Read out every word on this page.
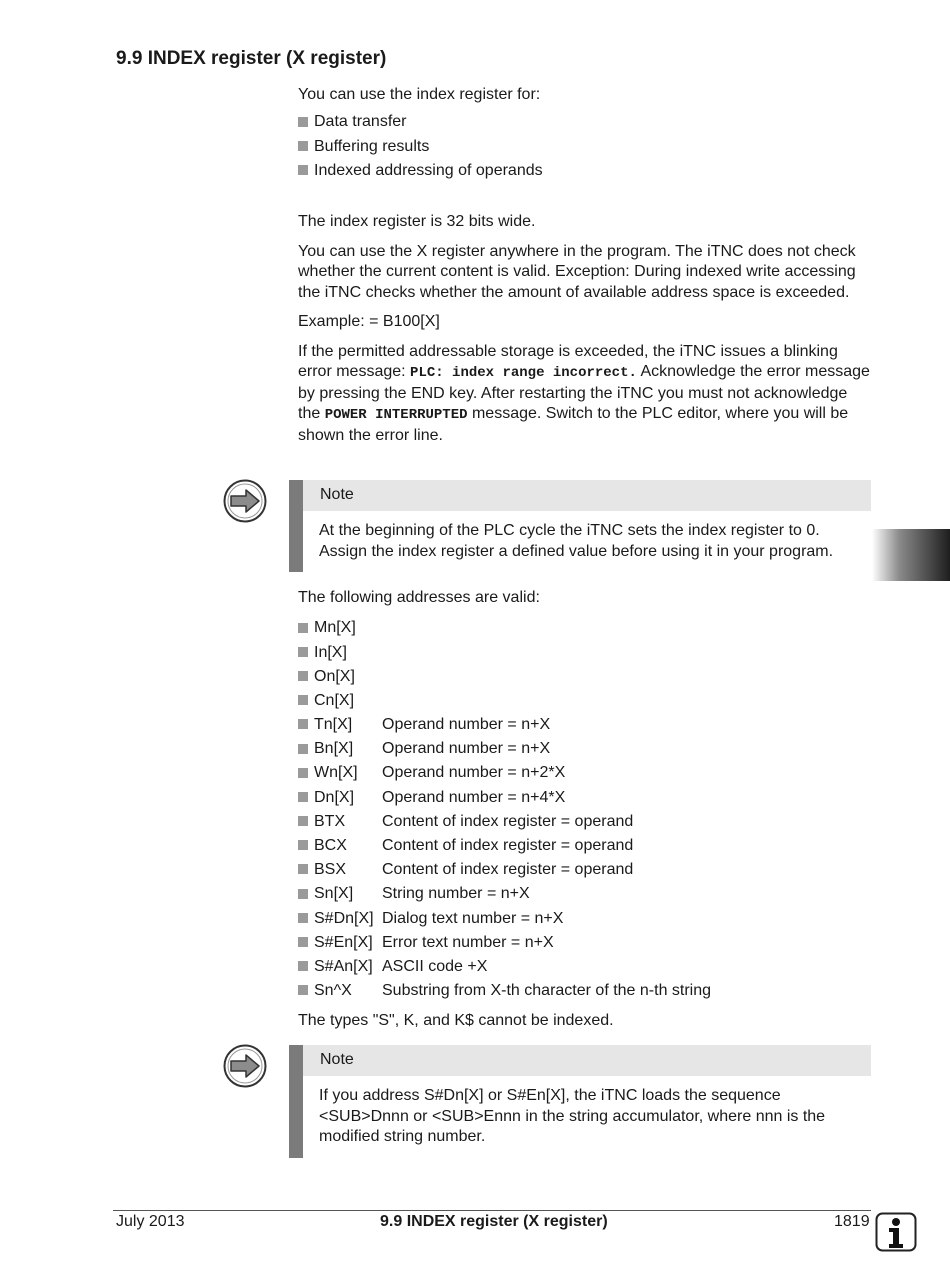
9.9 INDEX register (X register)

You can use the index register for:

Data transfer
Buffering results
Indexed addressing of operands

The index register is 32 bits wide.

You can use the X register anywhere in the program. The iTNC does not check whether the current content is valid. Exception: During indexed write accessing the iTNC checks whether the amount of available address space is exceeded.

Example: = B100[X]

If the permitted addressable storage is exceeded, the iTNC issues a blinking error message: PLC: index range incorrect. Acknowledge the error message by pressing the END key. After restarting the iTNC you must not acknowledge the POWER INTERRUPTED message. Switch to the PLC editor, where you will be shown the error line.

Note
At the beginning of the PLC cycle the iTNC sets the index register to 0. Assign the index register a defined value before using it in your program.

The following addresses are valid:

Mn[X]
In[X]
On[X]
Cn[X]
Tn[X]	Operand number = n+X
Bn[X]	Operand number = n+X
Wn[X]	Operand number = n+2*X
Dn[X]	Operand number = n+4*X
BTX	Content of index register = operand
BCX	Content of index register = operand
BSX	Content of index register = operand
Sn[X]	String number = n+X
S#Dn[X] Dialog text number = n+X
S#En[X] Error text number = n+X
S#An[X] ASCII code +X
Sn^X	Substring from X-th character of the n-th string

The types "S", K, and K$ cannot be indexed.

Note
If you address S#Dn[X] or S#En[X], the iTNC loads the sequence <SUB>Dnnn or <SUB>Ennn in the string accumulator, where nnn is the modified string number.
July 2013	9.9 INDEX register (X register)	1819
